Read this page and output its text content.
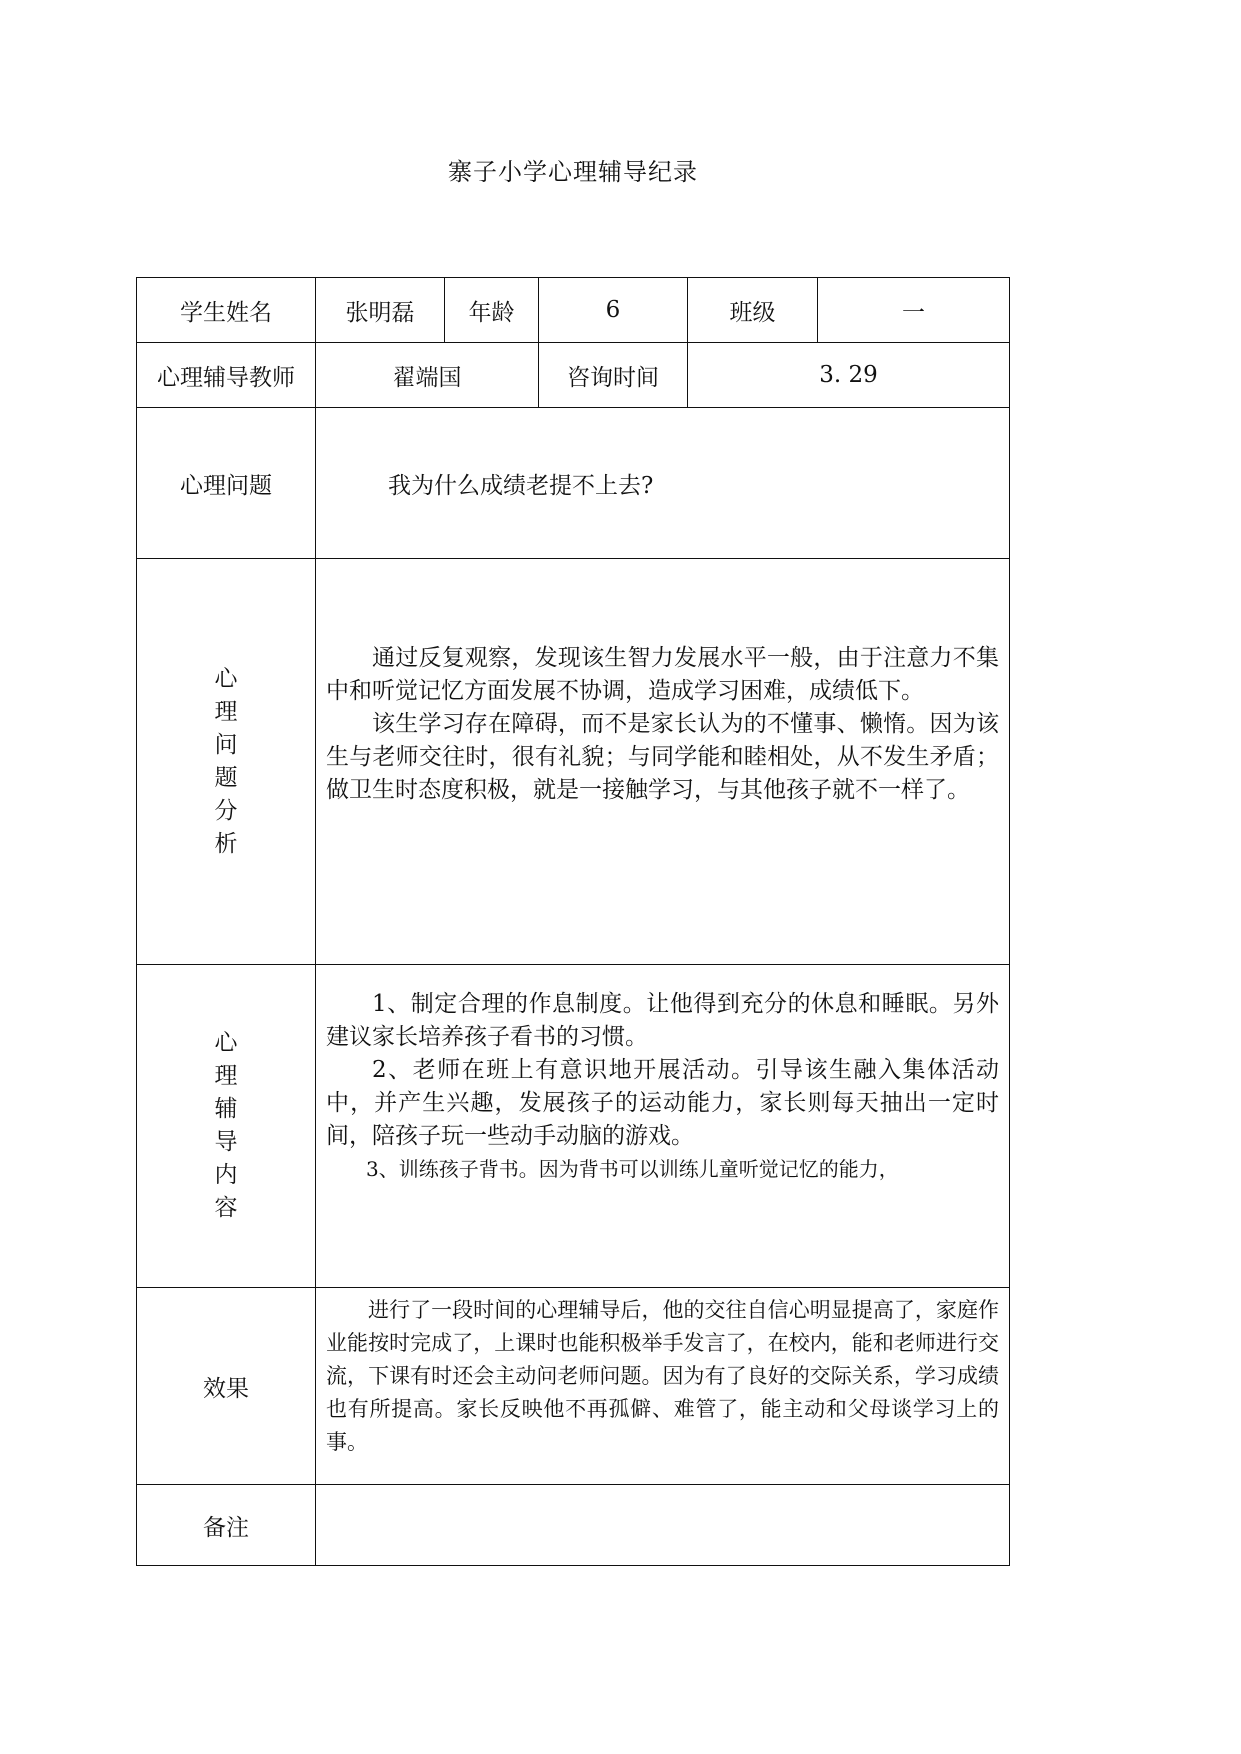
寨子小学心理辅导纪录
学生姓名	张明磊	年龄	6	班级	一
心理辅导教师	翟端国		咨询时间	3. 29	
心理问题	我为什么成绩老提不上去?				
心理问题分析	通过反复观察，发现该生智力发展水平一般，由于注意力不集中和听觉记忆方面发展不协调，造成学习困难，成绩低下。

该生学习存在障碍，而不是家长认为的不懂事、懒惰。因为该生与老师交往时，很有礼貌；与同学能和睦相处，从不发生矛盾；做卫生时态度积极，就是一接触学习，与其他孩子就不一样了。				

心理辅导内容	1、制定合理的作息制度。让他得到充分的休息和睡眠。另外建议家长培养孩子看书的习惯。

2、老师在班上有意识地开展活动。引导该生融入集体活动中，并产生兴趣，发展孩子的运动能力，家长则每天抽出一定时间，陪孩子玩一些动手动脑的游戏。

3、训练孩子背书。因为背书可以训练儿童听觉记忆的能力，				

效果	进行了一段时间的心理辅导后，他的交往自信心明显提高了，家庭作业能按时完成了，上课时也能积极举手发言了，在校内，能和老师进行交流，下课有时还会主动问老师问题。因为有了良好的交际关系，学习成绩也有所提高。家长反映他不再孤僻、难管了，能主动和父母谈学习上的事。				

备注					
